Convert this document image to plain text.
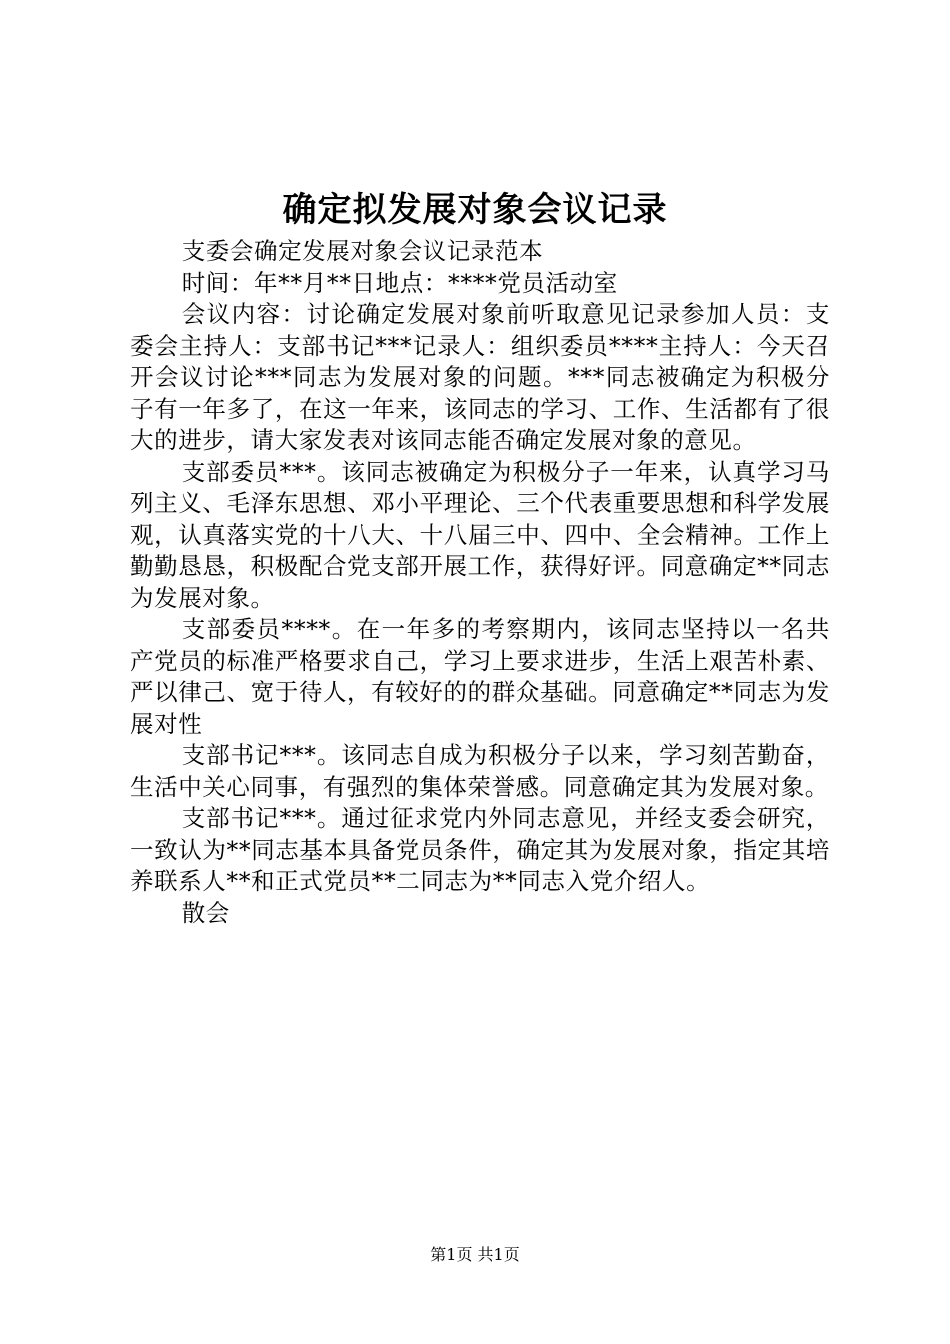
确定拟发展对象会议记录

支委会确定发展对象会议记录范本

时间：年**月**日地点：****党员活动室

会议内容：讨论确定发展对象前听取意见记录参加人员：支委会主持人：支部书记***记录人：组织委员****主持人：今天召开会议讨论***同志为发展对象的问题。***同志被确定为积极分子有一年多了，在这一年来，该同志的学习、工作、生活都有了很大的进步，请大家发表对该同志能否确定发展对象的意见。

支部委员***。该同志被确定为积极分子一年来，认真学习马列主义、毛泽东思想、邓小平理论、三个代表重要思想和科学发展观，认真落实党的十八大、十八届三中、四中、全会精神。工作上勤勤恳恳，积极配合党支部开展工作，获得好评。同意确定**同志为发展对象。

支部委员****。在一年多的考察期内，该同志坚持以一名共产党员的标准严格要求自己，学习上要求进步，生活上艰苦朴素、严以律己、宽于待人，有较好的的群众基础。同意确定**同志为发展对性

支部书记***。该同志自成为积极分子以来，学习刻苦勤奋，生活中关心同事，有强烈的集体荣誉感。同意确定其为发展对象。

支部书记***。通过征求党内外同志意见，并经支委会研究，一致认为**同志基本具备党员条件，确定其为发展对象，指定其培养联系人**和正式党员**二同志为**同志入党介绍人。

散会

第1页 共1页
